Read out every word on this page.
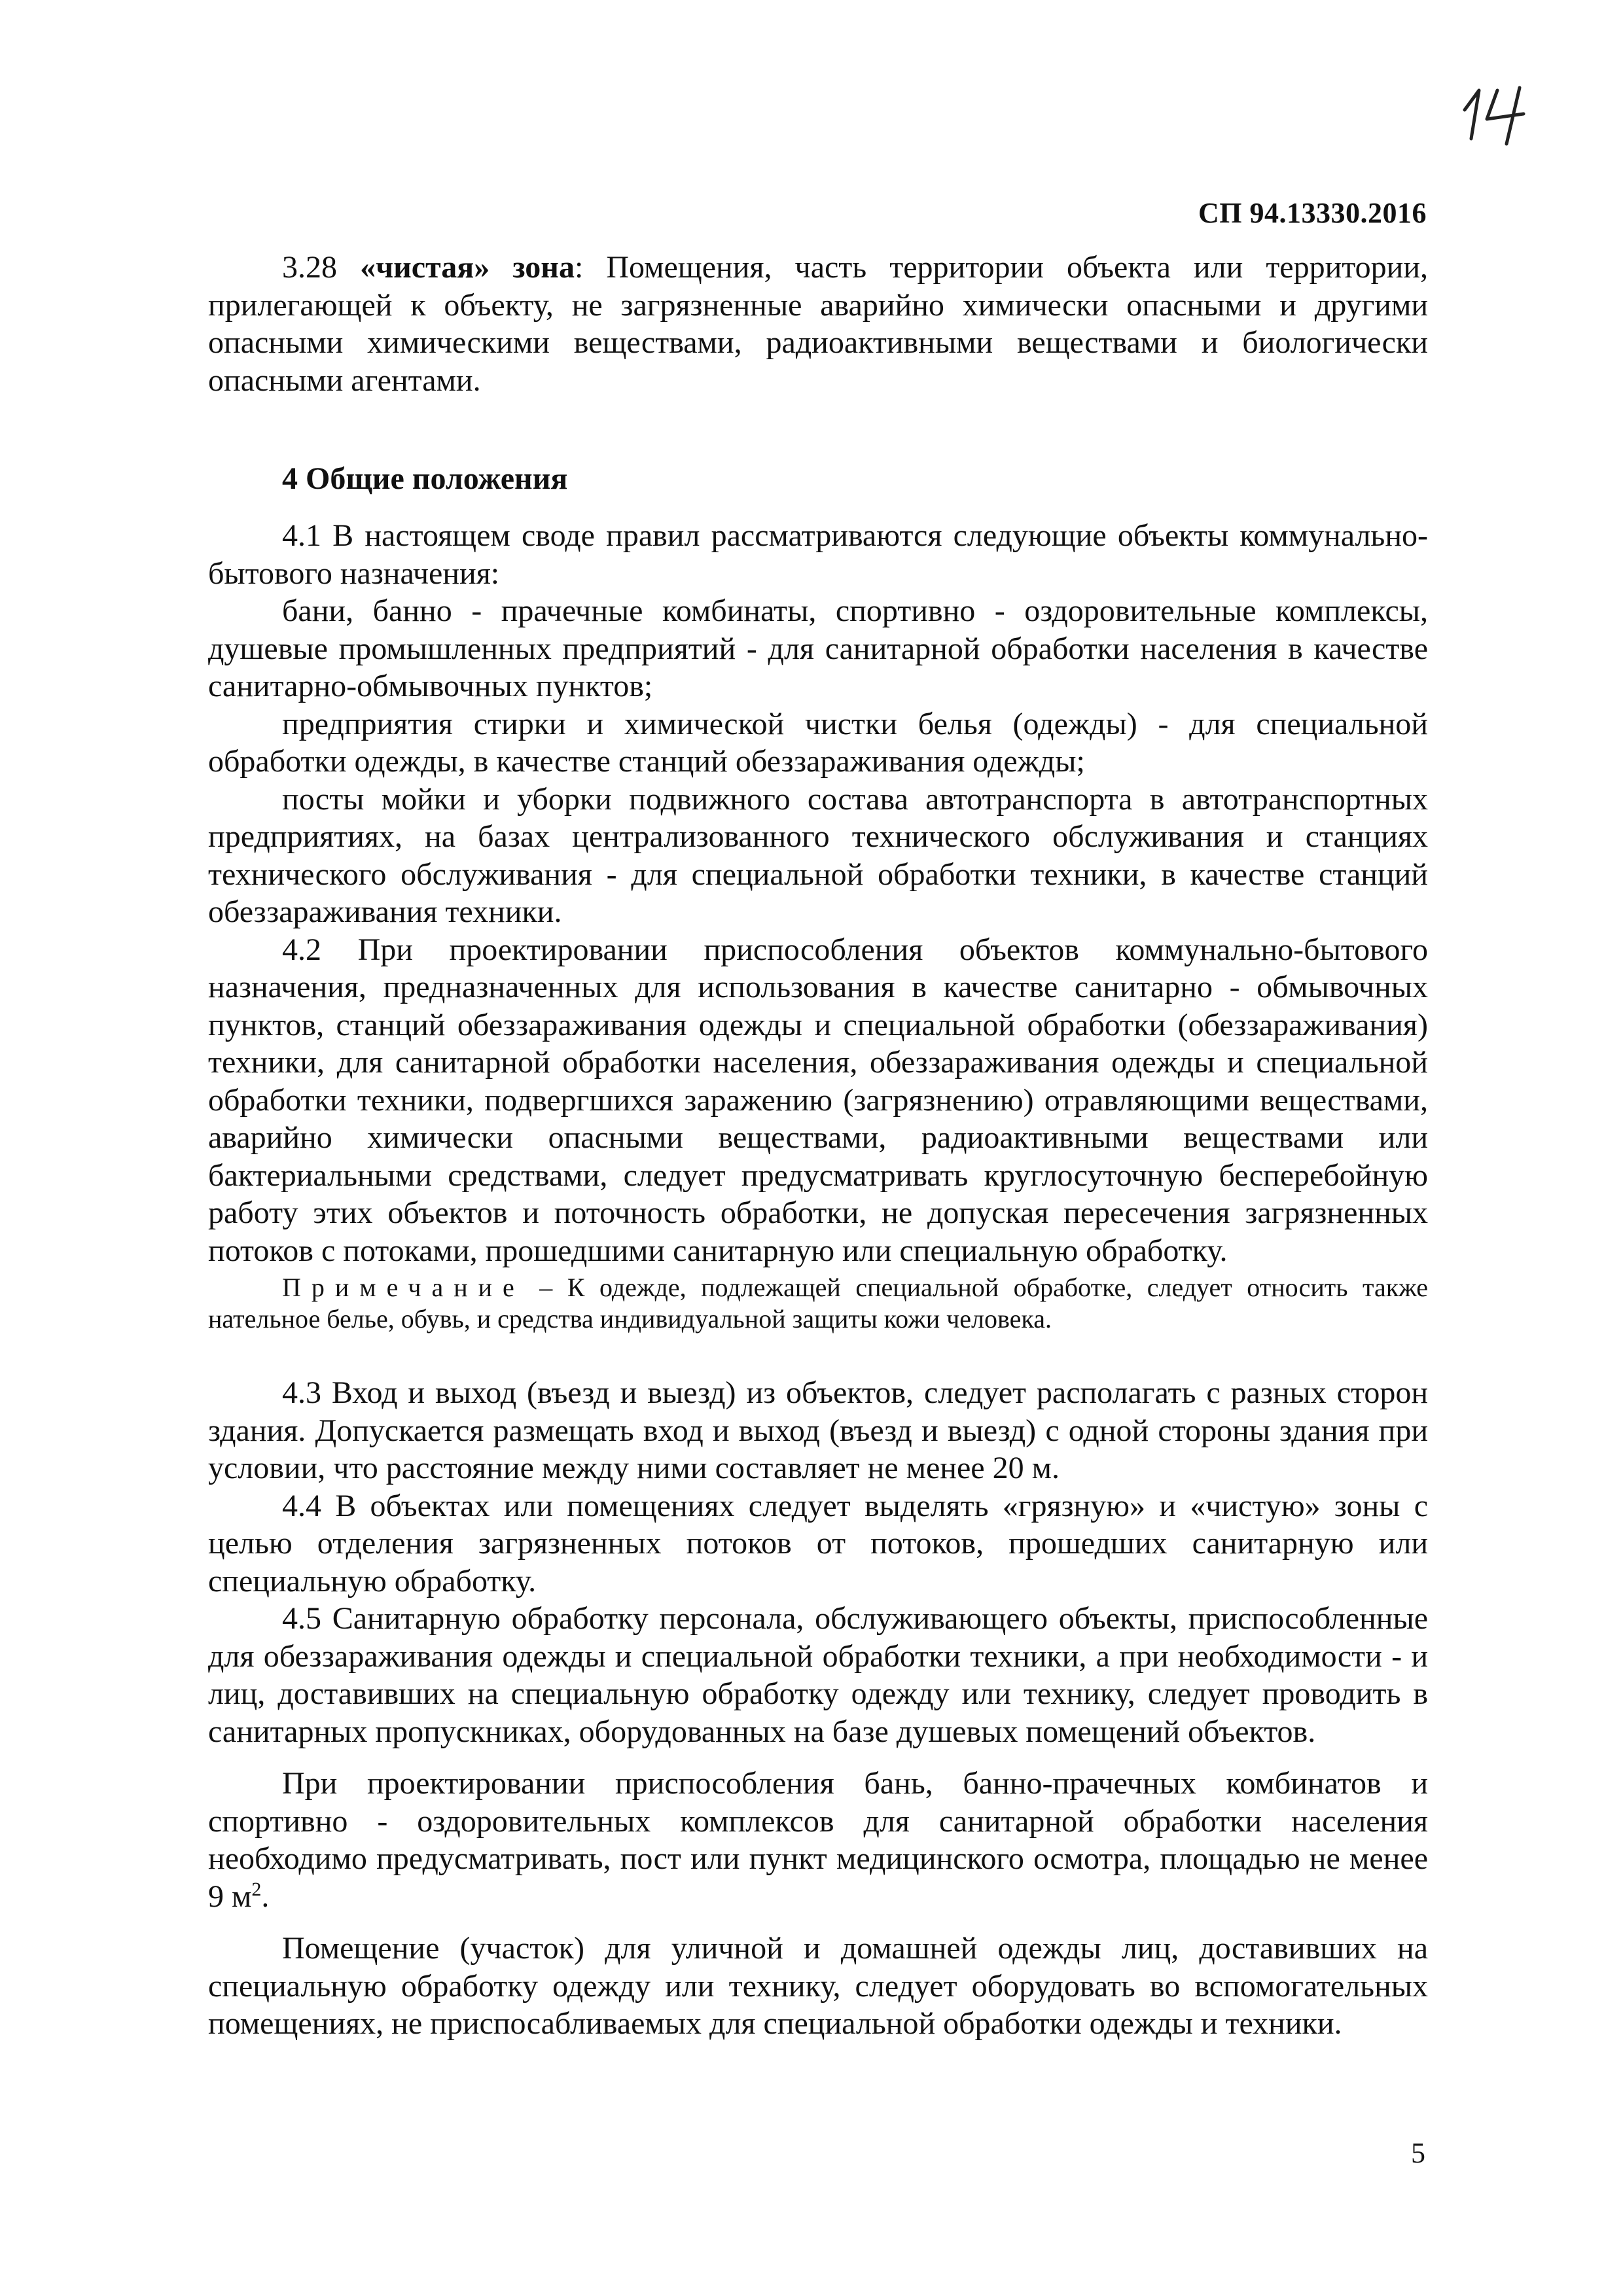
СП 94.13330.2016

3.28 «чистая» зона: Помещения, часть территории объекта или территории, прилегающей к объекту, не загрязненные аварийно химически опасными и другими опасными химическими веществами, радиоактивными веществами и биологически опасными агентами.

4 Общие положения

4.1 В настоящем своде правил рассматриваются следующие объекты коммунально-бытового назначения:

бани, банно - прачечные комбинаты, спортивно - оздоровительные комплексы, душевые промышленных предприятий - для санитарной обработки населения в качестве санитарно-обмывочных пунктов;

предприятия стирки и химической чистки белья (одежды) - для специальной обработки одежды, в качестве станций обеззараживания одежды;

посты мойки и уборки подвижного состава автотранспорта в автотранспортных предприятиях, на базах централизованного технического обслуживания и станциях технического обслуживания - для специальной обработки техники, в качестве станций обеззараживания техники.

4.2 При проектировании приспособления объектов коммунально-бытового назначения, предназначенных для использования в качестве санитарно - обмывочных пунктов, станций обеззараживания одежды и специальной обработки (обеззараживания) техники, для санитарной обработки населения, обеззараживания одежды и специальной обработки техники, подвергшихся заражению (загрязнению) отравляющими веществами, аварийно химически опасными веществами, радиоактивными веществами или бактериальными средствами, следует предусматривать круглосуточную бесперебойную работу этих объектов и поточность обработки, не допуская пересечения загрязненных потоков с потоками, прошедшими санитарную или специальную обработку.

Примечание – К одежде, подлежащей специальной обработке, следует относить также нательное белье, обувь, и средства индивидуальной защиты кожи человека.

4.3 Вход и выход (въезд и выезд) из объектов, следует располагать с разных сторон здания. Допускается размещать вход и выход (въезд и выезд) с одной стороны здания при условии, что расстояние между ними составляет не менее 20 м.

4.4 В объектах или помещениях следует выделять «грязную» и «чистую» зоны с целью отделения загрязненных потоков от потоков, прошедших санитарную или специальную обработку.

4.5 Санитарную обработку персонала, обслуживающего объекты, приспособленные для обеззараживания одежды и специальной обработки техники, а при необходимости - и лиц, доставивших на специальную обработку одежду или технику, следует проводить в санитарных пропускниках, оборудованных на базе душевых помещений объектов.

При проектировании приспособления бань, банно-прачечных комбинатов и спортивно - оздоровительных комплексов для санитарной обработки населения необходимо предусматривать, пост или пункт медицинского осмотра, площадью не менее 9 $м^2$.

Помещение (участок) для уличной и домашней одежды лиц, доставивших на специальную обработку одежду или технику, следует оборудовать во вспомогательных помещениях, не приспосабливаемых для специальной обработки одежды и техники.

5
